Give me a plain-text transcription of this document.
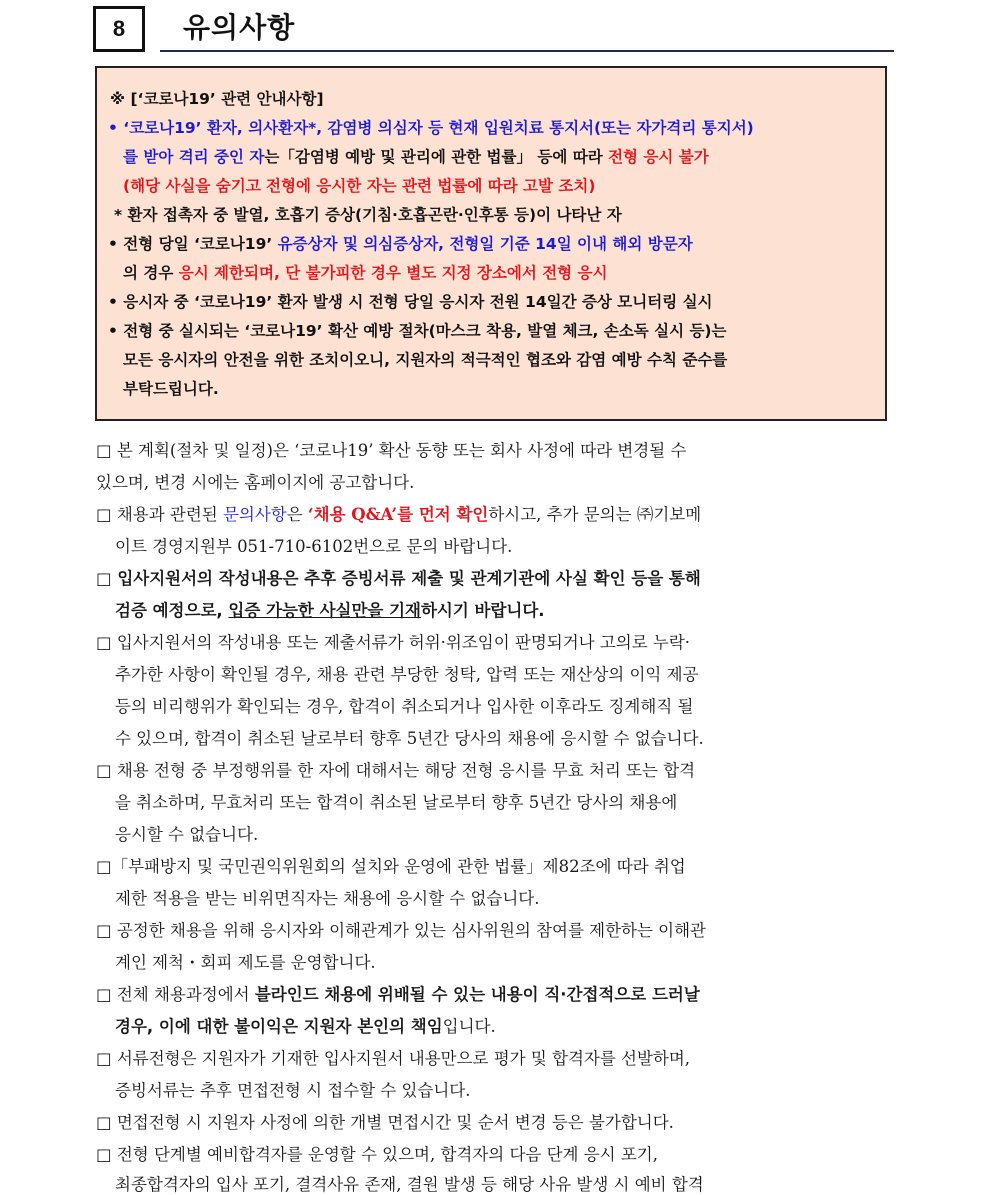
8 유의사항
※ [‘코로나19’ 관련 안내사항]
• ‘코로나19’ 환자, 의사환자*, 감염병 의심자 등 현재 입원치료 통지서(또는 자가격리 통지서)
를 받아 격리 중인 자는「감염병 예방 및 관리에 관한 법률」 등에 따라 전형 응시 불가
(해당 사실을 숨기고 전형에 응시한 자는 관련 법률에 따라 고발 조치)
* 환자 접촉자 중 발열, 호흡기 증상(기침·호흡곤란·인후통 등)이 나타난 자
• 전형 당일 ‘코로나19’ 유증상자 및 의심증상자, 전형일 기준 14일 이내 해외 방문자
의 경우 응시 제한되며, 단 불가피한 경우 별도 지정 장소에서 전형 응시
• 응시자 중 ‘코로나19’ 환자 발생 시 전형 당일 응시자 전원 14일간 증상 모니터링 실시
• 전형 중 실시되는 ‘코로나19’ 확산 예방 절차(마스크 착용, 발열 체크, 손소독 실시 등)는
모든 응시자의 안전을 위한 조치이오니, 지원자의 적극적인 협조와 감염 예방 수칙 준수를
부탁드립니다.
□ 본 계획(절차 및 일정)은 ‘코로나19’ 확산 동향 또는 회사 사정에 따라 변경될 수
있으며, 변경 시에는 홈페이지에 공고합니다.
□ 채용과 관련된 문의사항은 ‘채용 Q&A’를 먼저 확인하시고, 추가 문의는 ㈜기보메
이트 경영지원부 051-710-6102번으로 문의 바랍니다.
□ 입사지원서의 작성내용은 추후 증빙서류 제출 및 관계기관에 사실 확인 등을 통해
검증 예정으로, 입증 가능한 사실만을 기재하시기 바랍니다.
□ 입사지원서의 작성내용 또는 제출서류가 허위·위조임이 판명되거나 고의로 누락·
추가한 사항이 확인될 경우, 채용 관련 부당한 청탁, 압력 또는 재산상의 이익 제공
등의 비리행위가 확인되는 경우, 합격이 취소되거나 입사한 이후라도 징계해직 될
수 있으며, 합격이 취소된 날로부터 향후 5년간 당사의 채용에 응시할 수 없습니다.
□ 채용 전형 중 부정행위를 한 자에 대해서는 해당 전형 응시를 무효 처리 또는 합격
을 취소하며, 무효처리 또는 합격이 취소된 날로부터 향후 5년간 당사의 채용에
응시할 수 없습니다.
□「부패방지 및 국민권익위원회의 설치와 운영에 관한 법률」제82조에 따라 취업
제한 적용을 받는 비위면직자는 채용에 응시할 수 없습니다.
□ 공정한 채용을 위해 응시자와 이해관계가 있는 심사위원의 참여를 제한하는 이해관
계인 제척・회피 제도를 운영합니다.
□ 전체 채용과정에서 블라인드 채용에 위배될 수 있는 내용이 직·간접적으로 드러날
경우, 이에 대한 불이익은 지원자 본인의 책임입니다.
□ 서류전형은 지원자가 기재한 입사지원서 내용만으로 평가 및 합격자를 선발하며,
증빙서류는 추후 면접전형 시 접수할 수 있습니다.
□ 면접전형 시 지원자 사정에 의한 개별 면접시간 및 순서 변경 등은 불가합니다.
□ 전형 단계별 예비합격자를 운영할 수 있으며, 합격자의 다음 단계 응시 포기,
최종합격자의 입사 포기, 결격사유 존재, 결원 발생 등 해당 사유 발생 시 예비 합격
